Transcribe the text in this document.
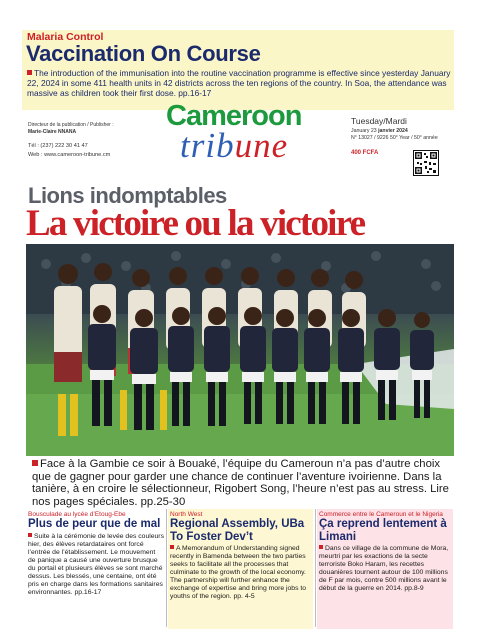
Malaria Control
Vaccination On Course
The introduction of the immunisation into the routine vaccination programme is effective since yesterday January 22, 2024 in some 411 health units in 42 districts across the ten regions of the country. In Soa, the attendance was massive as children took their first dose. pp.16-17
Directeur de la publication / Publisher :
Marie-Claire NNANA
Tél : (237) 222 30 41 47
Web : www.cameroon-tribune.cm
Cameroon
tribune
Tuesday/Mardi
January 23 janvier 2024
N° 13027 / 9226 50° Year / 50° année
400 FCFA
Lions indomptables
La victoire ou la victoire
Face à la Gambie ce soir à Bouaké, l’équipe du Cameroun n’a pas d’autre choix que de gagner pour garder une chance de continuer l’aventure ivoirienne. Dans la tanière, à en croire le sélectionneur, Rigobert Song, l’heure n’est pas au stress. Lire nos pages spéciales. pp.25-30
Bousculade au lycée d’Etoug-Ebe
Plus de peur que de mal
Suite à la cérémonie de levée des couleurs hier, des élèves retardataires ont forcé l’entrée de l’établissement. Le mouvement de panique a causé une ouverture brusque du portail et plusieurs élèves se sont marché dessus. Les blessés, une centaine, ont été pris en charge dans les formations sanitaires environnantes. pp.16-17
North West
Regional Assembly, UBa To Foster Dev’t
A Memorandum of Understanding signed recently in Bamenda between the two parties seeks to facilitate all the processes that culminate to the growth of the local economy. The partnership will further enhance the exchange of expertise and bring more jobs to youths of the region. pp. 4-5
Commerce entre le Cameroun et le Nigeria
Ça reprend lentement à Limani
Dans ce village de la commune de Mora, meurtri par les exactions de la secte terroriste Boko Haram, les recettes douanières tournent autour de 100 millions de F par mois, contre 500 millions avant le début de la guerre en 2014. pp.8-9
